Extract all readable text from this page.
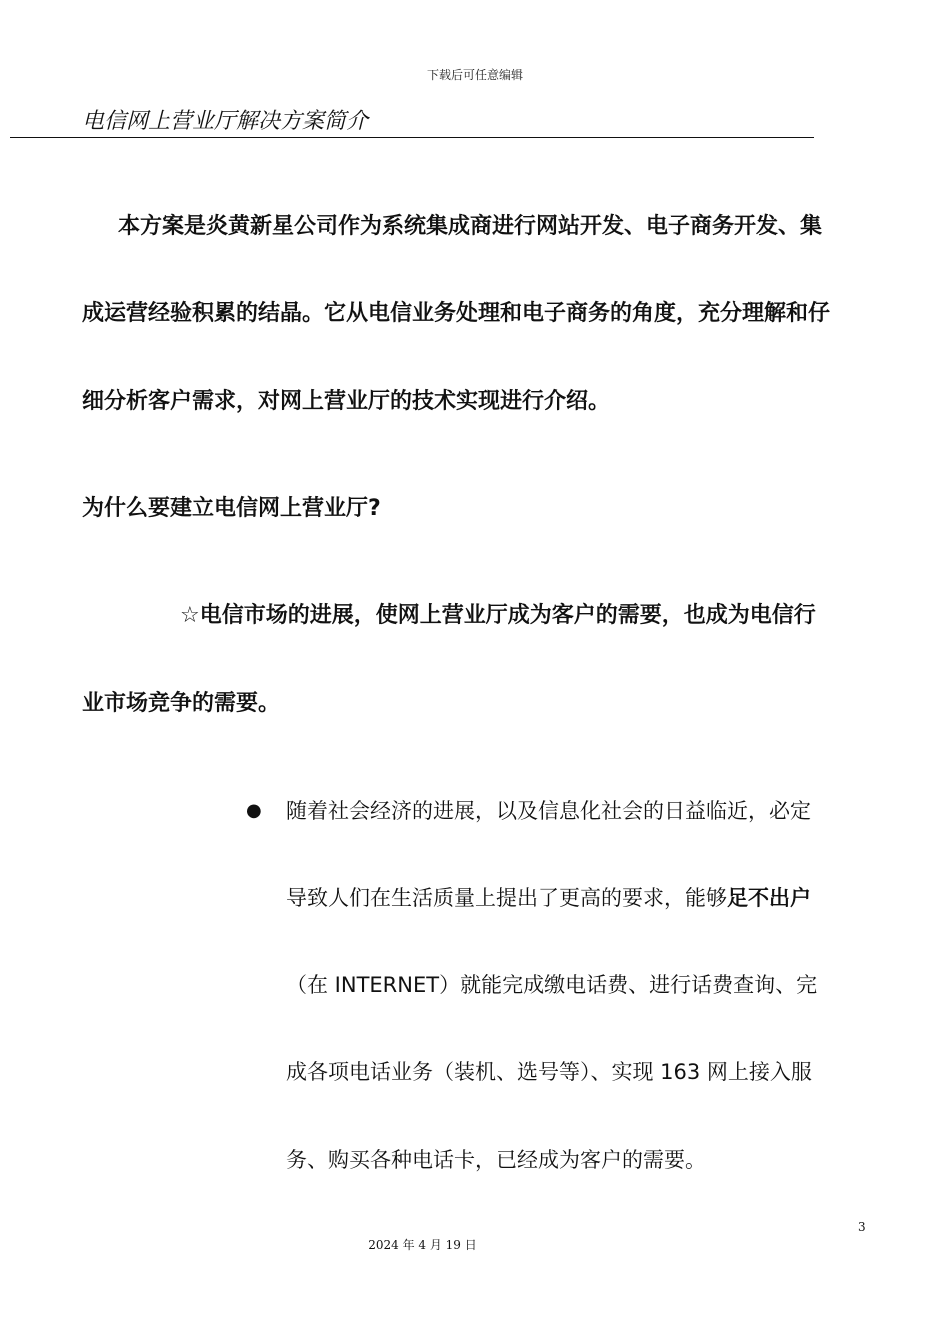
下载后可任意编辑
电信网上营业厅解决方案简介
本方案是炎黄新星公司作为系统集成商进行网站开发、电子商务开发、集
成运营经验积累的结晶。它从电信业务处理和电子商务的角度，充分理解和仔
细分析客户需求，对网上营业厅的技术实现进行介绍。
为什么要建立电信网上营业厅?
☆电信市场的进展，使网上营业厅成为客户的需要，也成为电信行
业市场竞争的需要。
● 随着社会经济的进展，以及信息化社会的日益临近，必定
导致人们在生活质量上提出了更高的要求，能够足不出户
（在 INTERNET）就能完成缴电话费、进行话费查询、完
成各项电话业务（装机、选号等）、实现 163 网上接入服
务、购买各种电话卡，已经成为客户的需要。
3
2024 年 4 月 19 日
